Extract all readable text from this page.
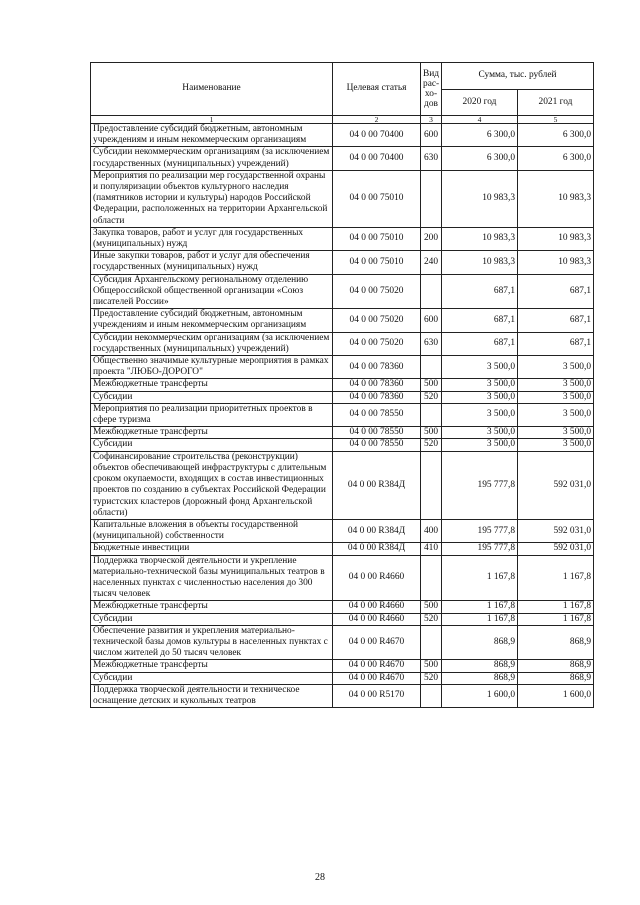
Наименование	Целевая статья	Вид рас-хо-дов	Сумма, тыс. рублей	
			2020 год	2021 год
1	2	3	4	5
Предоставление субсидий бюджетным, автономным учреждениям и иным некоммерческим организациям	04 0 00 70400	600	6 300,0	6 300,0
Субсидии некоммерческим организациям (за исключением государственных (муниципальных) учреждений)	04 0 00 70400	630	6 300,0	6 300,0
Мероприятия по реализации мер государственной охраны и популяризации объектов культурного наследия (памятников истории и культуры) народов Российской Федерации, расположенных на территории Архангельской области	04 0 00 75010		10 983,3	10 983,3
Закупка товаров, работ и услуг для государственных (муниципальных) нужд	04 0 00 75010	200	10 983,3	10 983,3
Иные закупки товаров, работ и услуг для обеспечения государственных (муниципальных) нужд	04 0 00 75010	240	10 983,3	10 983,3
Субсидия Архангельскому региональному отделению Общероссийской общественной организации «Союз писателей России»	04 0 00 75020		687,1	687,1
Предоставление субсидий бюджетным, автономным учреждениям и иным некоммерческим организациям	04 0 00 75020	600	687,1	687,1
Субсидии некоммерческим организациям (за исключением государственных (муниципальных) учреждений)	04 0 00 75020	630	687,1	687,1
Общественно значимые культурные мероприятия в рамках проекта "ЛЮБО-ДОРОГО"	04 0 00 78360		3 500,0	3 500,0
Межбюджетные трансферты	04 0 00 78360	500	3 500,0	3 500,0
Субсидии	04 0 00 78360	520	3 500,0	3 500,0
Мероприятия по реализации приоритетных проектов в сфере туризма	04 0 00 78550		3 500,0	3 500,0
Межбюджетные трансферты	04 0 00 78550	500	3 500,0	3 500,0
Субсидии	04 0 00 78550	520	3 500,0	3 500,0
Софинансирование строительства (реконструкции) объектов обеспечивающей инфраструктуры с длительным сроком окупаемости, входящих в состав инвестиционных проектов по созданию в субъектах Российской Федерации туристских кластеров (дорожный фонд Архангельской области)	04 0 00 R384Д		195 777,8	592 031,0
Капитальные вложения в объекты государственной (муниципальной) собственности	04 0 00 R384Д	400	195 777,8	592 031,0
Бюджетные инвестиции	04 0 00 R384Д	410	195 777,8	592 031,0
Поддержка творческой деятельности и укрепление материально-технической базы муниципальных театров в населенных пунктах с численностью населения до 300 тысяч человек	04 0 00 R4660		1 167,8	1 167,8
Межбюджетные трансферты	04 0 00 R4660	500	1 167,8	1 167,8
Субсидии	04 0 00 R4660	520	1 167,8	1 167,8
Обеспечение развития и укрепления материально-технической базы домов культуры в населенных пунктах с числом жителей до 50 тысяч человек	04 0 00 R4670		868,9	868,9
Межбюджетные трансферты	04 0 00 R4670	500	868,9	868,9
Субсидии	04 0 00 R4670	520	868,9	868,9
Поддержка творческой деятельности и техническое оснащение детских и кукольных театров	04 0 00 R5170		1 600,0	1 600,0
28
